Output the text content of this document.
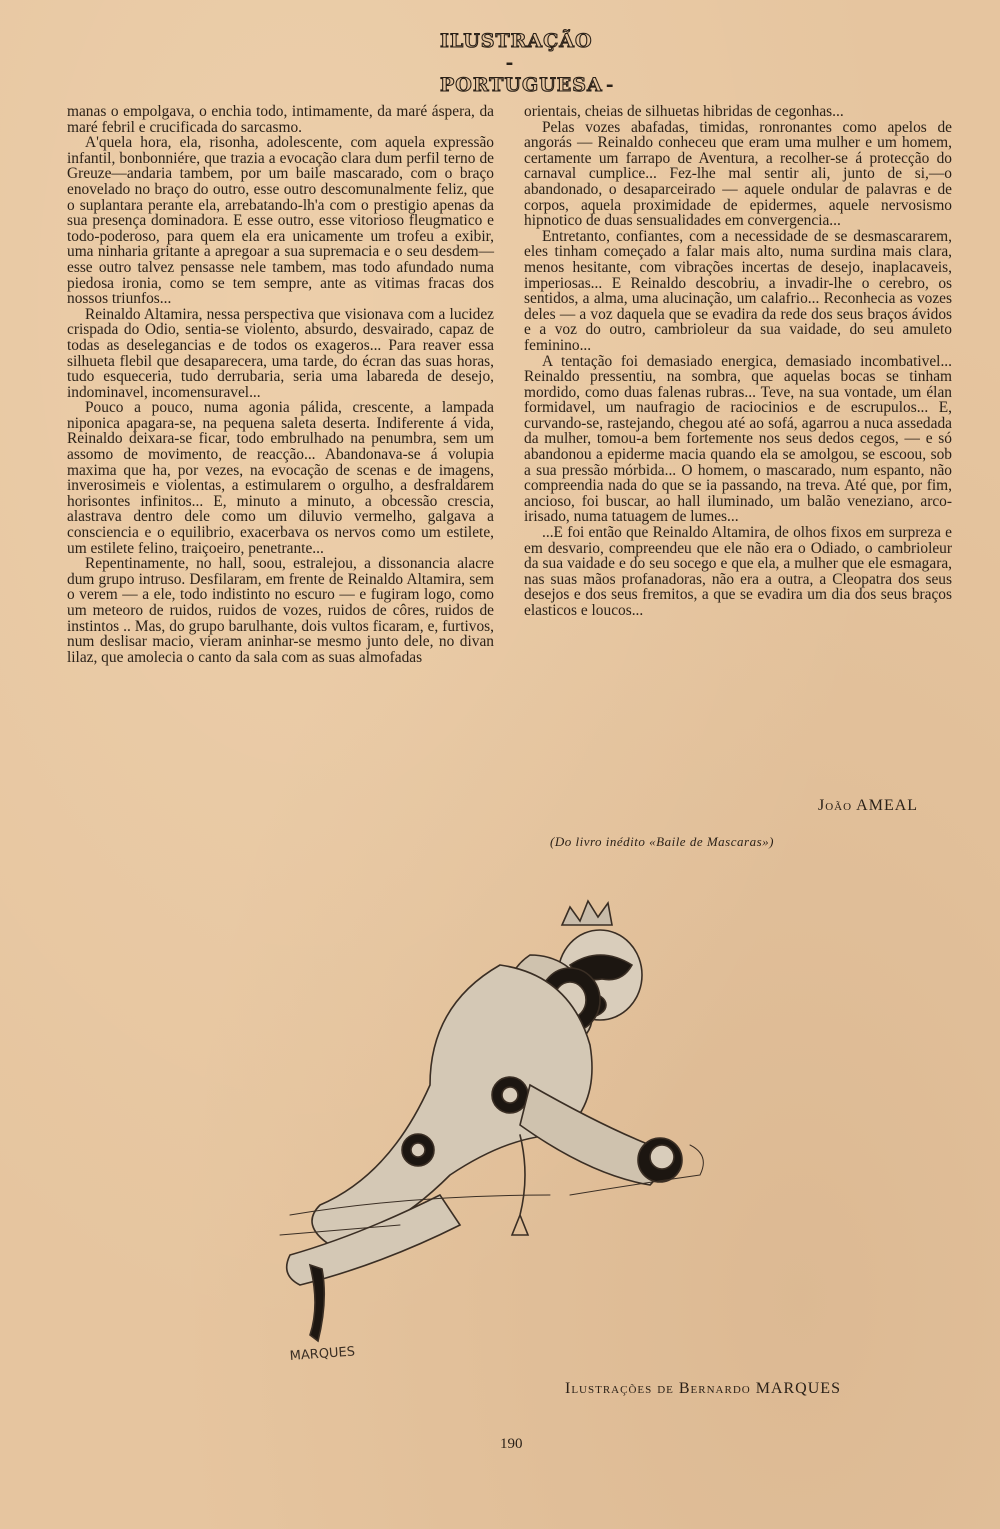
ILUSTRAÇÃO
- PORTUGUESA -

manas o empolgava, o enchia todo, intimamente, da maré áspera, da maré febril e crucificada do sarcasmo.

A'quela hora, ela, risonha, adolescente, com aquela expressão infantil, bonbonniére, que trazia a evocação clara dum perfil terno de Greuze—andaria tambem, por um baile mascarado, com o braço enovelado no braço do outro, esse outro descomunalmente feliz, que o suplantara perante ela, arrebatando-lh'a com o prestigio apenas da sua presença dominadora. E esse outro, esse vitorioso fleugmatico e todo-poderoso, para quem ela era unicamente um trofeu a exibir, uma ninharia gritante a apregoar a sua supremacia e o seu desdem—esse outro talvez pensasse nele tambem, mas todo afundado numa piedosa ironia, como se tem sempre, ante as vitimas fracas dos nossos triunfos...

Reinaldo Altamira, nessa perspectiva que visionava com a lucidez crispada do Odio, sentia-se violento, absurdo, desvairado, capaz de todas as deselegancias e de todos os exageros... Para reaver essa silhueta flebil que desaparecera, uma tarde, do écran das suas horas, tudo esqueceria, tudo derrubaria, seria uma labareda de desejo, indominavel, incomensuravel...

Pouco a pouco, numa agonia pálida, crescente, a lampada niponica apagara-se, na pequena saleta deserta. Indiferente á vida, Reinaldo deixara-se ficar, todo embrulhado na penumbra, sem um assomo de movimento, de reacção... Abandonava-se á volupia maxima que ha, por vezes, na evocação de scenas e de imagens, inverosimeis e violentas, a estimularem o orgulho, a desfraldarem horisontes infinitos... E, minuto a minuto, a obcessão crescia, alastrava dentro dele como um diluvio vermelho, galgava a consciencia e o equilibrio, exacerbava os nervos como um estilete, um estilete felino, traiçoeiro, penetrante...

Repentinamente, no hall, soou, estralejou, a dissonancia alacre dum grupo intruso. Desfilaram, em frente de Reinaldo Altamira, sem o verem — a ele, todo indistinto no escuro — e fugiram logo, como um meteoro de ruidos, ruidos de vozes, ruidos de côres, ruidos de instintos .. Mas, do grupo barulhante, dois vultos ficaram, e, furtivos, num deslisar macio, vieram aninhar-se mesmo junto dele, no divan lilaz, que amolecia o canto da sala com as suas almofadas

orientais, cheias de silhuetas hibridas de cegonhas...

Pelas vozes abafadas, timidas, ronronantes como apelos de angorás — Reinaldo conheceu que eram uma mulher e um homem, certamente um farrapo de Aventura, a recolher-se á protecção do carnaval cumplice... Fez-lhe mal sentir ali, junto de si,—o abandonado, o desaparceirado — aquele ondular de palavras e de corpos, aquela proximidade de epidermes, aquele nervosismo hipnotico de duas sensualidades em convergencia...

Entretanto, confiantes, com a necessidade de se desmascararem, eles tinham começado a falar mais alto, numa surdina mais clara, menos hesitante, com vibrações incertas de desejo, inaplacaveis, imperiosas... E Reinaldo descobriu, a invadir-lhe o cerebro, os sentidos, a alma, uma alucinação, um calafrio... Reconhecia as vozes deles — a voz daquela que se evadira da rede dos seus braços ávidos e a voz do outro, cambrioleur da sua vaidade, do seu amuleto feminino...

A tentação foi demasiado energica, demasiado incombativel... Reinaldo pressentiu, na sombra, que aquelas bocas se tinham mordido, como duas falenas rubras... Teve, na sua vontade, um élan formidavel, um naufragio de raciocinios e de escrupulos... E, curvando-se, rastejando, chegou até ao sofá, agarrou a nuca assedada da mulher, tomou-a bem fortemente nos seus dedos cegos, — e só abandonou a epiderme macia quando ela se amolgou, se escoou, sob a sua pressão mórbida... O homem, o mascarado, num espanto, não compreendia nada do que se ia passando, na treva. Até que, por fim, ancioso, foi buscar, ao hall iluminado, um balão veneziano, arco-irisado, numa tatuagem de lumes...

...E foi então que Reinaldo Altamira, de olhos fixos em surpreza e em desvario, compreendeu que ele não era o Odiado, o cambrioleur da sua vaidade e do seu socego e que ela, a mulher que ele esmagara, nas suas mãos profanadoras, não era a outra, a Cleopatra dos seus desejos e dos seus fremitos, a que se evadira um dia dos seus braços elasticos e loucos...

João AMEAL
(Do livro inédito «Baile de Mascaras»)
MARQUES
Ilustrações de Bernardo MARQUES
190
